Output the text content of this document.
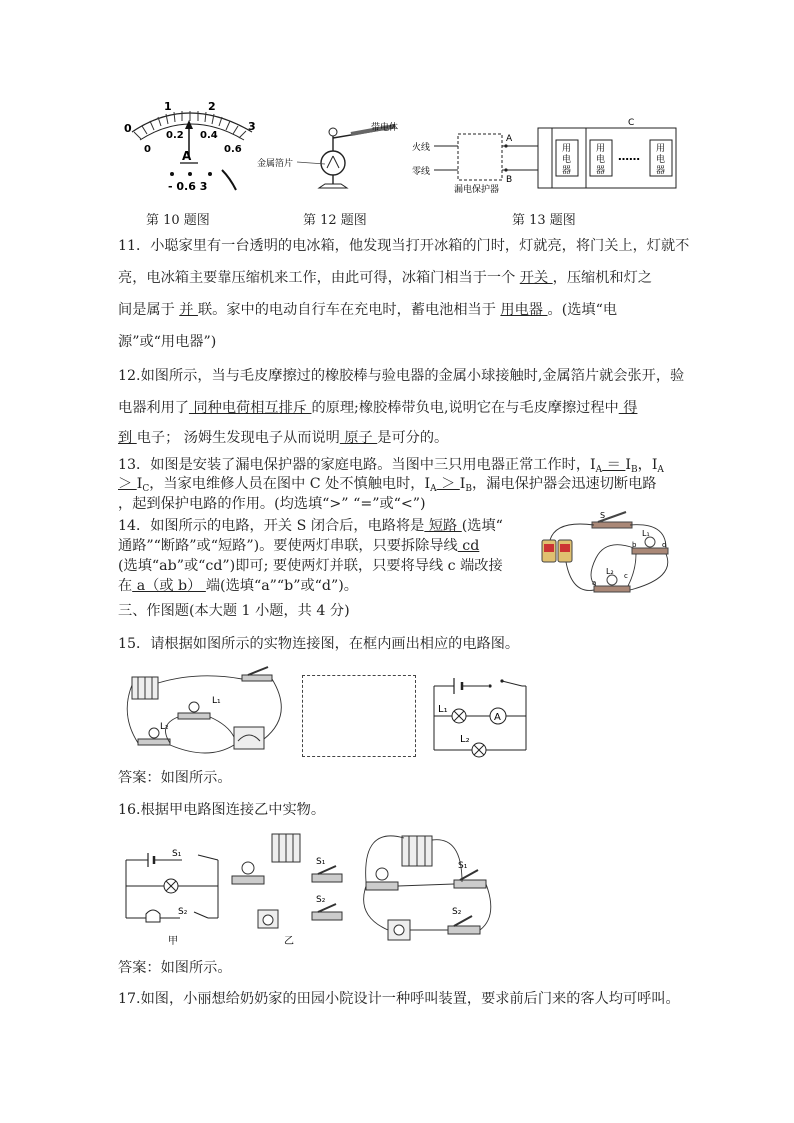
0
1	2
3
0
0.2 0.4
0.6
A
- 0.6 3
第 10 题图
带电体
金属箔片
第 12 题图
火线
零线
漏电保护器
A
B
C
用
电
器
用
电
器
……
用
电
器
第 13 题图
11．小聪家里有一台透明的电冰箱，他发现当打开冰箱的门时，灯就亮，将门关上，灯就不
亮，电冰箱主要靠压缩机来工作，由此可得，冰箱门相当于一个 开关 ，压缩机和灯之
间是属于 并 联。家中的电动自行车在充电时，蓄电池相当于 用电器 。(选填“电
源”或“用电器”)
12.如图所示，当与毛皮摩擦过的橡胶棒与验电器的金属小球接触时,金属箔片就会张开，验
电器利用了 同种电荷相互排斥 的原理;橡胶棒带负电,说明它在与毛皮摩擦过程中 得
到 电子； 汤姆生发现电子从而说明 原子 是可分的。
13．如图是安装了漏电保护器的家庭电路。当图中三只用电器正常工作时，$I_A = I_B$，$I_A$
＞ $I_C$，当家电维修人员在图中 C 处不慎触电时，$I_A > I_B$，漏电保护器会迅速切断电路
，起到保护电路的作用。(均选填“>” “=”或“<”)
14．如图所示的电路，开关 S 闭合后，电路将是 短路 (选填“
通路”“断路”或“短路”)。要使两灯串联，只要拆除导线 cd
(选填“ab”或“cd”)即可; 要使两灯并联，只要将导线 c 端改接
在 a（或 b） 端(选填“a”“b”或“d”)。
S
L₁
b	d
L₂
a
c
三、作图题(本大题 1 小题，共 4 分)
15．请根据如图所示的实物连接图，在框内画出相应的电路图。
L₁
L₂
L₁
A
L₂
答案：如图所示。
16.根据甲电路图连接乙中实物。
S₁
S₂
甲
S₁
S₂
乙
S₁
S₂
答案：如图所示。
17.如图，小丽想给奶奶家的田园小院设计一种呼叫装置，要求前后门来的客人均可呼叫。
